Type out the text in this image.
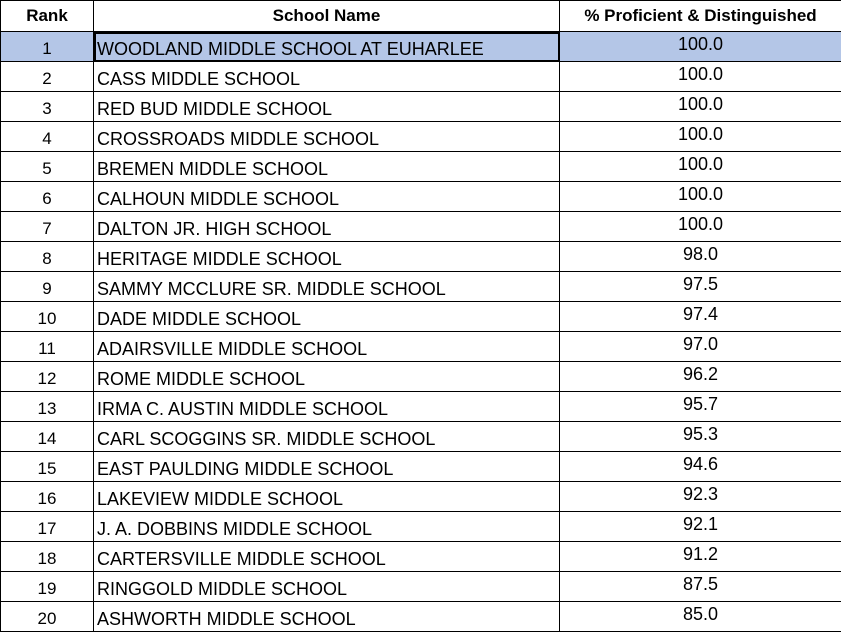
Rank	School Name	% Proficient & Distinguished
1	WOODLAND MIDDLE SCHOOL AT EUHARLEE	100.0
2	CASS MIDDLE SCHOOL	100.0
3	RED BUD MIDDLE SCHOOL	100.0
4	CROSSROADS MIDDLE SCHOOL	100.0
5	BREMEN MIDDLE SCHOOL	100.0
6	CALHOUN MIDDLE SCHOOL	100.0
7	DALTON JR. HIGH SCHOOL	100.0
8	HERITAGE MIDDLE SCHOOL	98.0
9	SAMMY MCCLURE SR. MIDDLE SCHOOL	97.5
10	DADE MIDDLE SCHOOL	97.4
11	ADAIRSVILLE MIDDLE SCHOOL	97.0
12	ROME MIDDLE SCHOOL	96.2
13	IRMA C. AUSTIN MIDDLE SCHOOL	95.7
14	CARL SCOGGINS SR. MIDDLE SCHOOL	95.3
15	EAST PAULDING MIDDLE SCHOOL	94.6
16	LAKEVIEW MIDDLE SCHOOL	92.3
17	J. A. DOBBINS MIDDLE SCHOOL	92.1
18	CARTERSVILLE MIDDLE SCHOOL	91.2
19	RINGGOLD MIDDLE SCHOOL	87.5
20	ASHWORTH MIDDLE SCHOOL	85.0
